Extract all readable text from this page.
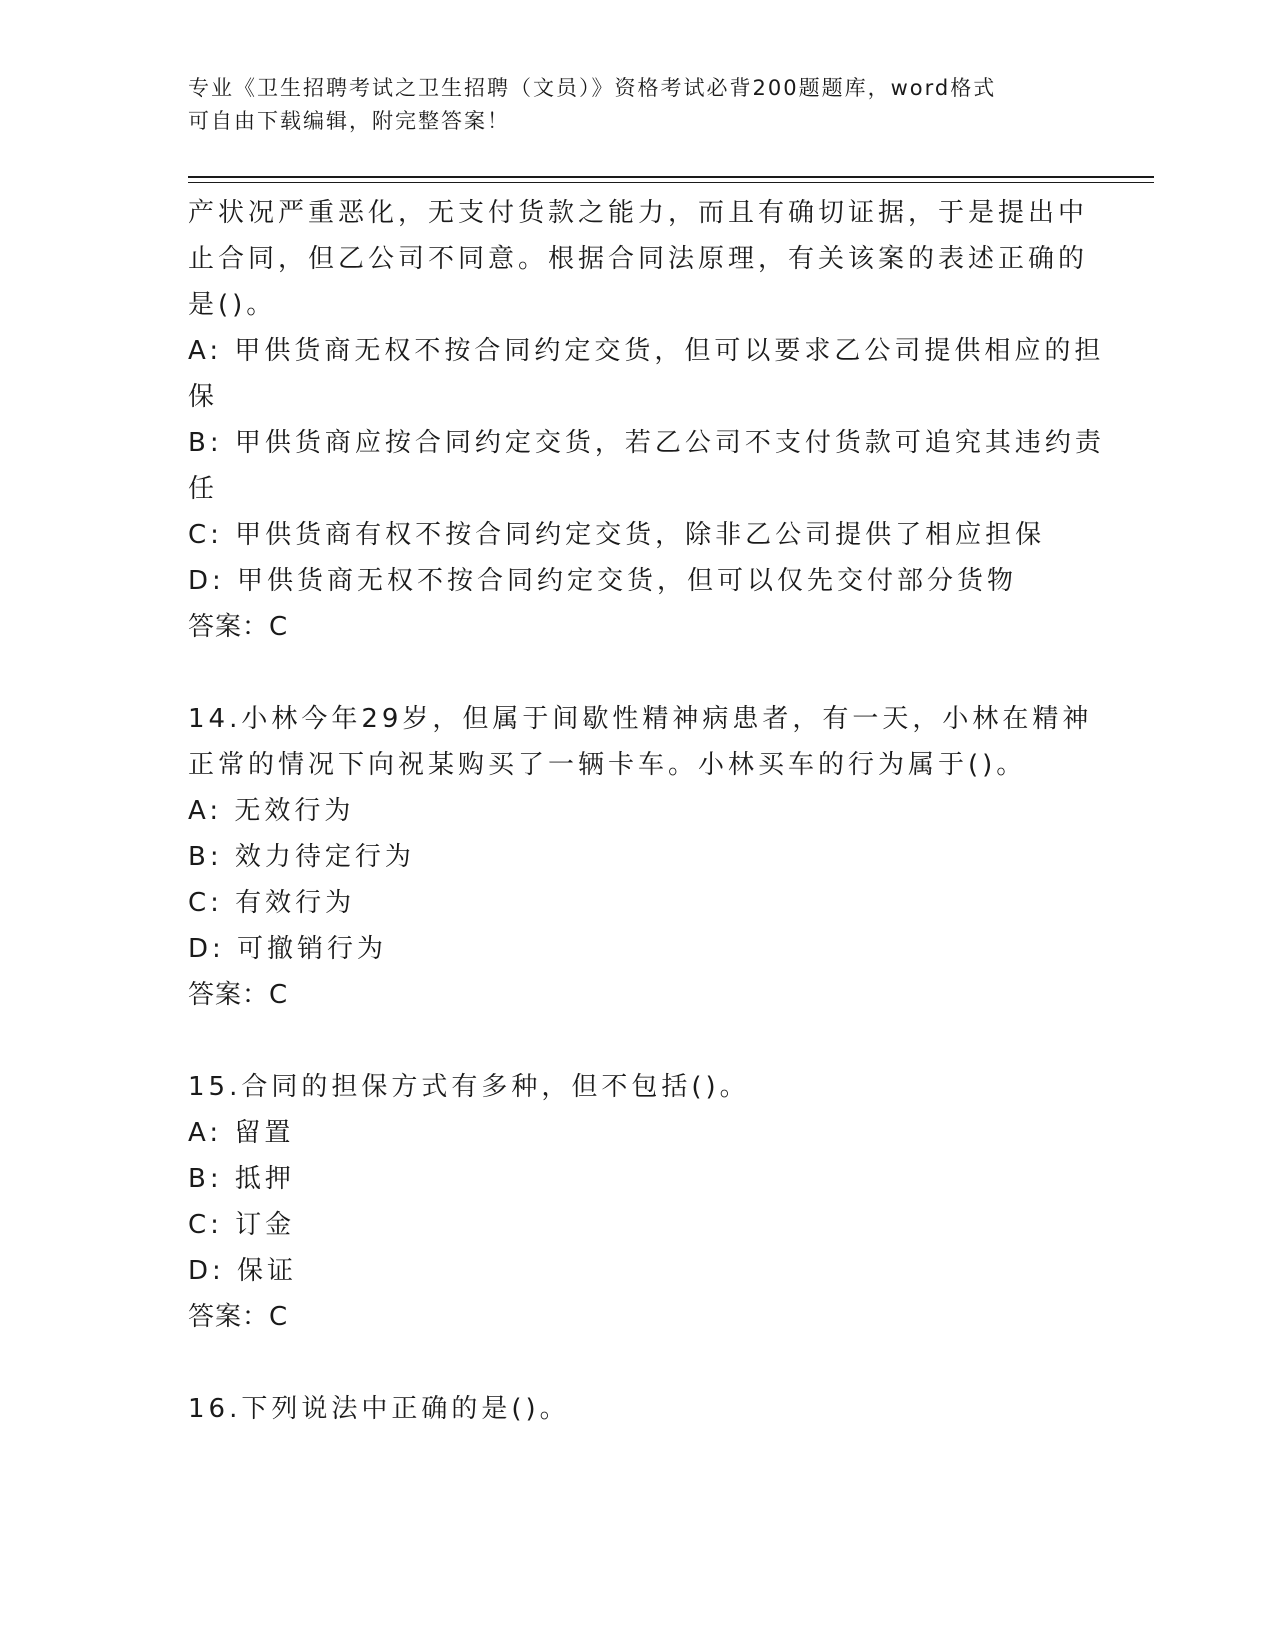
专业《卫生招聘考试之卫生招聘（文员）》资格考试必背200题题库，word格式
可自由下载编辑，附完整答案！
产状况严重恶化，无支付货款之能力，而且有确切证据，于是提出中
止合同，但乙公司不同意。根据合同法原理，有关该案的表述正确的
是()。
A: 甲供货商无权不按合同约定交货，但可以要求乙公司提供相应的担
保
B: 甲供货商应按合同约定交货，若乙公司不支付货款可追究其违约责
任
C: 甲供货商有权不按合同约定交货，除非乙公司提供了相应担保
D: 甲供货商无权不按合同约定交货，但可以仅先交付部分货物
答案：C
14.小林今年29岁，但属于间歇性精神病患者，有一天，小林在精神
正常的情况下向祝某购买了一辆卡车。小林买车的行为属于()。
A: 无效行为
B: 效力待定行为
C: 有效行为
D: 可撤销行为
答案：C
15.合同的担保方式有多种，但不包括()。
A: 留置
B: 抵押
C: 订金
D: 保证
答案：C
16.下列说法中正确的是()。
